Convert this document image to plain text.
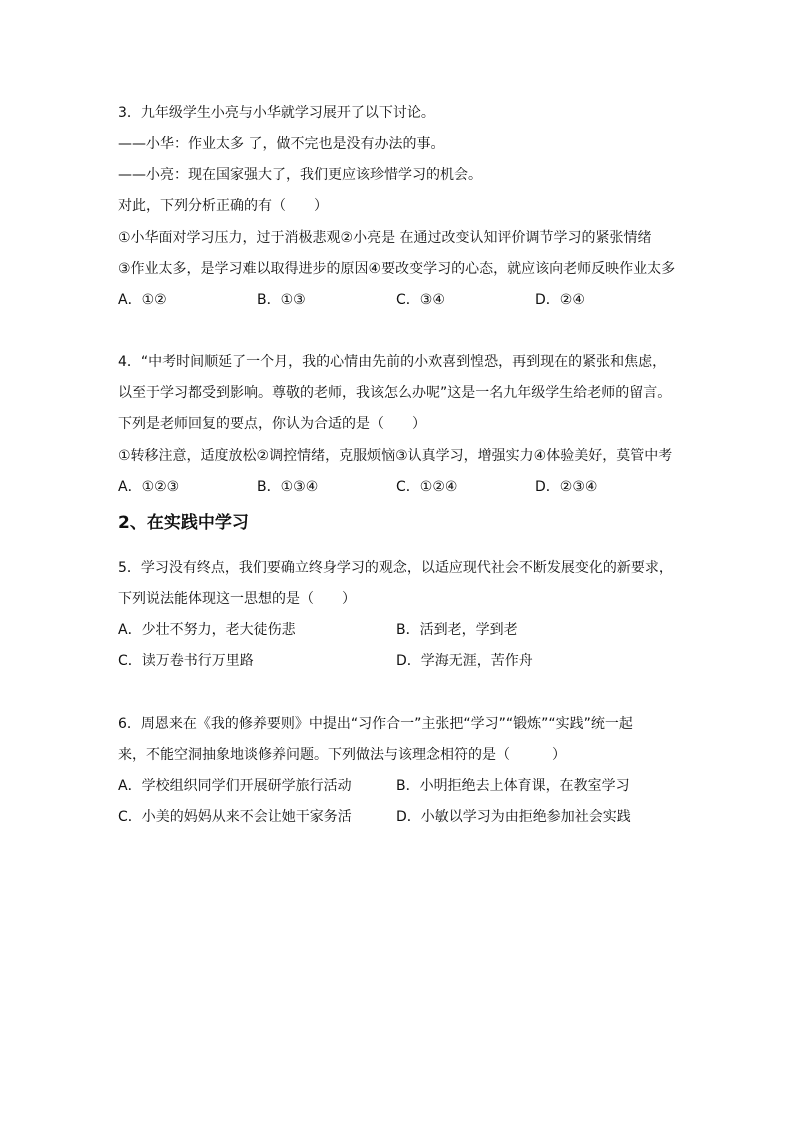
3．九年级学生小亮与小华就学习展开了以下讨论。
——小华：作业太多 了，做不完也是没有办法的事。
——小亮：现在国家强大了，我们更应该珍惜学习的机会。
对此，下列分析正确的有（　　）
①小华面对学习压力，过于消极悲观②小亮是 在通过改变认知评价调节学习的紧张情绪
③作业太多，是学习难以取得进步的原因④要改变学习的心态，就应该向老师反映作业太多
A．①②	B．①③	C．③④	D．②④
4．“中考时间顺延了一个月，我的心情由先前的小欢喜到惶恐，再到现在的紧张和焦虑，
以至于学习都受到影响。尊敬的老师，我该怎么办呢”这是一名九年级学生给老师的留言。
下列是老师回复的要点，你认为合适的是（　　）
①转移注意，适度放松②调控情绪，克服烦恼③认真学习，增强实力④体验美好，莫管中考
A．①②③	B．①③④	C．①②④	D．②③④
2、在实践中学习
5．学习没有终点，我们要确立终身学习的观念，以适应现代社会不断发展变化的新要求，
下列说法能体现这一思想的是（　　）
A．少壮不努力，老大徒伤悲	B．活到老，学到老
C．读万卷书行万里路	D．学海无涯，苦作舟
6．周恩来在《我的修养要则》中提出“习作合一”主张把“学习”“锻炼”“实践”统一起
来，不能空洞抽象地谈修养问题。下列做法与该理念相符的是（　　　）
A．学校组织同学们开展研学旅行活动	B．小明拒绝去上体育课，在教室学习
C．小美的妈妈从来不会让她干家务活	D．小敏以学习为由拒绝参加社会实践
